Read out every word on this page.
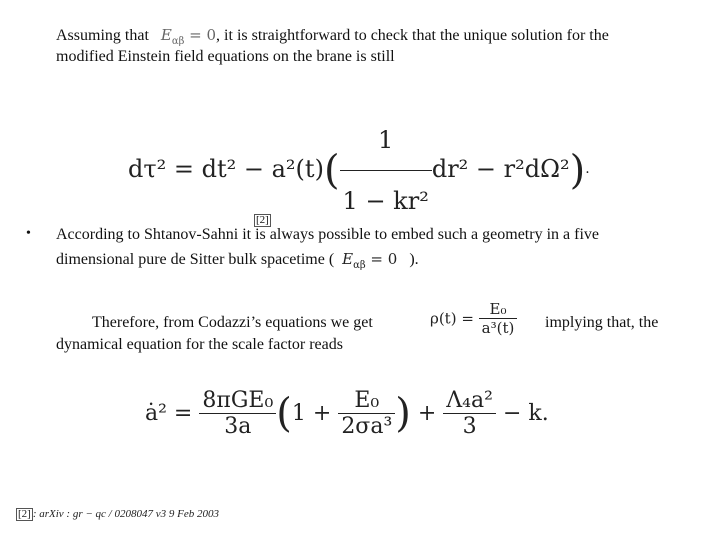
Assuming that $E_{\alpha\beta} = 0$, it is straightforward to check that the unique solution for the
modified Einstein field equations on the brane is still
$d\tau^2 = dt^2 - a^2(t)( \frac{1}{\text{1 − kr²}} dr^2 - r^2d\Omega^2)\cdot$
•
[2]
According to Shtanov-Sahni it is always possible to embed such a geometry in a five
dimensional pure de Sitter bulk spacetime ( $E_{\alpha\beta} = 0$ ).
Therefore, from Codazzi’s equations we get	$\rho(t) = \frac{\text{E₀}}{\text{a³(t)}}$ implying that, the
dynamical equation for the scale factor reads
ȧ² = $\frac{\text{8πGE₀}}{3a} (1 + \frac{\text{E₀}}{\text{2σa³}}$ ) + $\frac{\text{Λ₄a²}}{3} - k$.
[2] : arXiv : gr − qc / 0208047 v3 9 Feb 2003
